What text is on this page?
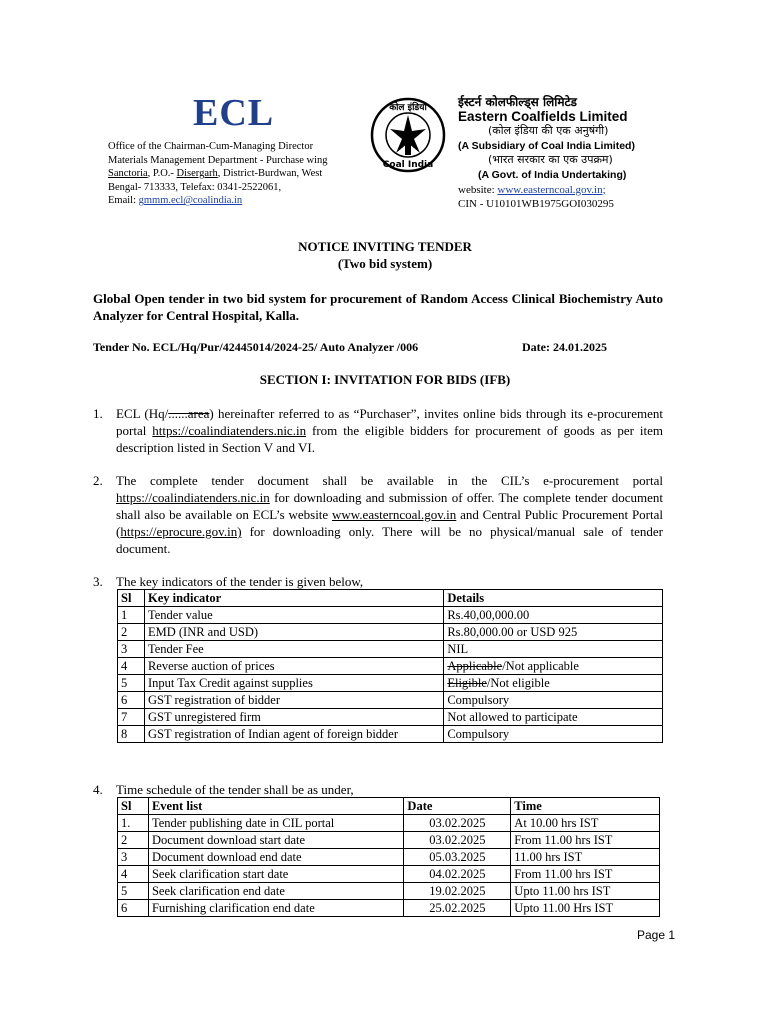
ECL
Office of the Chairman-Cum-Managing Director
Materials Management Department - Purchase wing
Sanctoria, P.O.- Disergarh, District-Burdwan, West
Bengal- 713333, Telefax: 0341-2522061,
Email: gmmm.ecl@coalindia.in
कोल इंडिया
Coal India
ईस्टर्न कोलफील्ड्स लिमिटेड
Eastern Coalfields Limited
(कोल इंडिया की एक अनुषंगी)
(A Subsidiary of Coal India Limited)
(भारत सरकार का एक उपक्रम)
(A Govt. of India Undertaking)
website: www.easterncoal.gov.in;
CIN - U10101WB1975GOI030295
NOTICE INVITING TENDER
(Two bid system)
Global Open tender in two bid system for procurement of Random Access Clinical Biochemistry Auto Analyzer for Central Hospital, Kalla.
Tender No. ECL/Hq/Pur/42445014/2024-25/ Auto Analyzer /006	Date: 24.01.2025
SECTION I: INVITATION FOR BIDS (IFB)
1. ECL (Hq/......area) hereinafter referred to as “Purchaser”, invites online bids through its e-procurement portal https://coalindiatenders.nic.in from the eligible bidders for procurement of goods as per item description listed in Section V and VI.
2. The complete tender document shall be available in the CIL’s e-procurement portal https://coalindiatenders.nic.in for downloading and submission of offer. The complete tender document shall also be available on ECL’s website www.easterncoal.gov.in and Central Public Procurement Portal (https://eprocure.gov.in) for downloading only. There will be no physical/manual sale of tender document.
3. The key indicators of the tender is given below,
Sl	Key indicator	Details
1	Tender value	Rs.40,00,000.00
2	EMD (INR and USD)	Rs.80,000.00 or USD 925
3	Tender Fee	NIL
4	Reverse auction of prices	Applicable/Not applicable
5	Input Tax Credit against supplies	Eligible/Not eligible
6	GST registration of bidder	Compulsory
7	GST unregistered firm	Not allowed to participate
8	GST registration of Indian agent of foreign bidder	Compulsory
4. Time schedule of the tender shall be as under,
Sl	Event list	Date	Time
1.	Tender publishing date in CIL portal	03.02.2025	At 10.00 hrs IST
2	Document download start date	03.02.2025	From 11.00 hrs IST
3	Document download end date	05.03.2025	11.00 hrs IST
4	Seek clarification start date	04.02.2025	From 11.00 hrs IST
5	Seek clarification end date	19.02.2025	Upto 11.00 hrs IST
6	Furnishing clarification end date	25.02.2025	Upto 11.00 Hrs IST
Page 1
